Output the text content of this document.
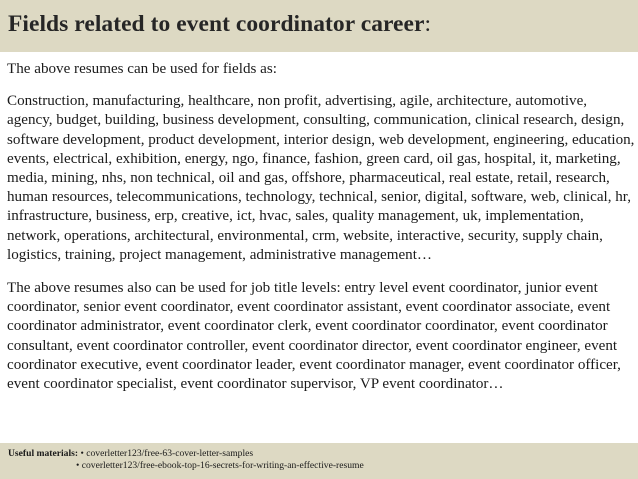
Fields related to event coordinator career:

The above resumes can be used for fields as:

Construction, manufacturing, healthcare, non profit, advertising, agile, architecture, automotive, agency, budget, building, business development, consulting, communication, clinical research, design, software development, product development, interior design, web development, engineering, education, events, electrical, exhibition, energy, ngo, finance, fashion, green card, oil gas, hospital, it, marketing, media, mining, nhs, non technical, oil and gas, offshore, pharmaceutical, real estate, retail, research, human resources, telecommunications, technology, technical, senior, digital, software, web, clinical, hr, infrastructure, business, erp, creative, ict, hvac, sales, quality management, uk, implementation, network, operations, architectural, environmental, crm, website, interactive, security, supply chain, logistics, training, project management, administrative management…

The above resumes also can be used for job title levels: entry level event coordinator, junior event coordinator, senior event coordinator, event coordinator assistant, event coordinator associate, event coordinator administrator, event coordinator clerk, event coordinator coordinator, event coordinator consultant, event coordinator controller, event coordinator director, event coordinator engineer, event coordinator executive, event coordinator leader, event coordinator manager, event coordinator officer, event coordinator specialist, event coordinator supervisor, VP event coordinator…

Useful materials: • coverletter123/free-63-cover-letter-samples
• coverletter123/free-ebook-top-16-secrets-for-writing-an-effective-resume
